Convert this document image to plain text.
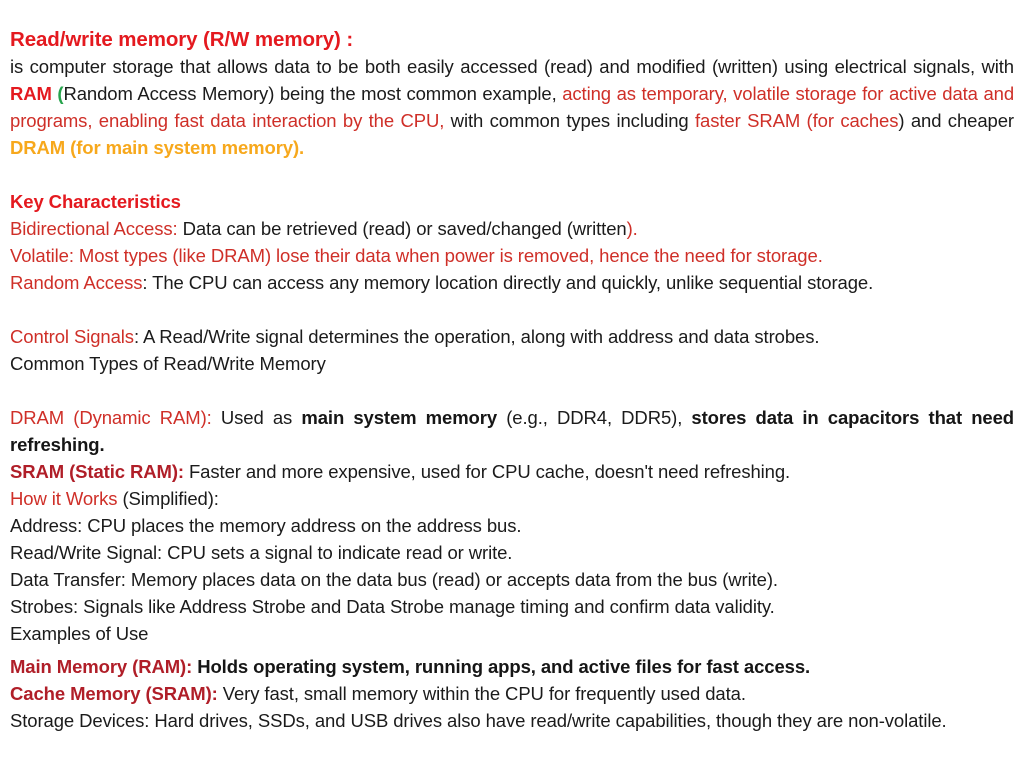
Read/write memory (R/W memory) :
is computer storage that allows data to be both easily accessed (read) and modified (written) using electrical signals, with RAM (Random Access Memory) being the most common example, acting as temporary, volatile storage for active data and programs, enabling fast data interaction by the CPU, with common types including faster SRAM (for caches) and cheaper DRAM (for main system memory).
Key Characteristics
Bidirectional Access: Data can be retrieved (read) or saved/changed (written).
Volatile: Most types (like DRAM) lose their data when power is removed, hence the need for storage.
Random Access: The CPU can access any memory location directly and quickly, unlike sequential storage.
Control Signals: A Read/Write signal determines the operation, along with address and data strobes.
Common Types of Read/Write Memory
DRAM (Dynamic RAM): Used as main system memory (e.g., DDR4, DDR5), stores data in capacitors that need refreshing.
SRAM (Static RAM): Faster and more expensive, used for CPU cache, doesn't need refreshing.
How it Works (Simplified):
Address: CPU places the memory address on the address bus.
Read/Write Signal: CPU sets a signal to indicate read or write.
Data Transfer: Memory places data on the data bus (read) or accepts data from the bus (write).
Strobes: Signals like Address Strobe and Data Strobe manage timing and confirm data validity.
Examples of Use
Main Memory (RAM): Holds operating system, running apps, and active files for fast access.
Cache Memory (SRAM): Very fast, small memory within the CPU for frequently used data.
Storage Devices: Hard drives, SSDs, and USB drives also have read/write capabilities, though they are non-volatile.
